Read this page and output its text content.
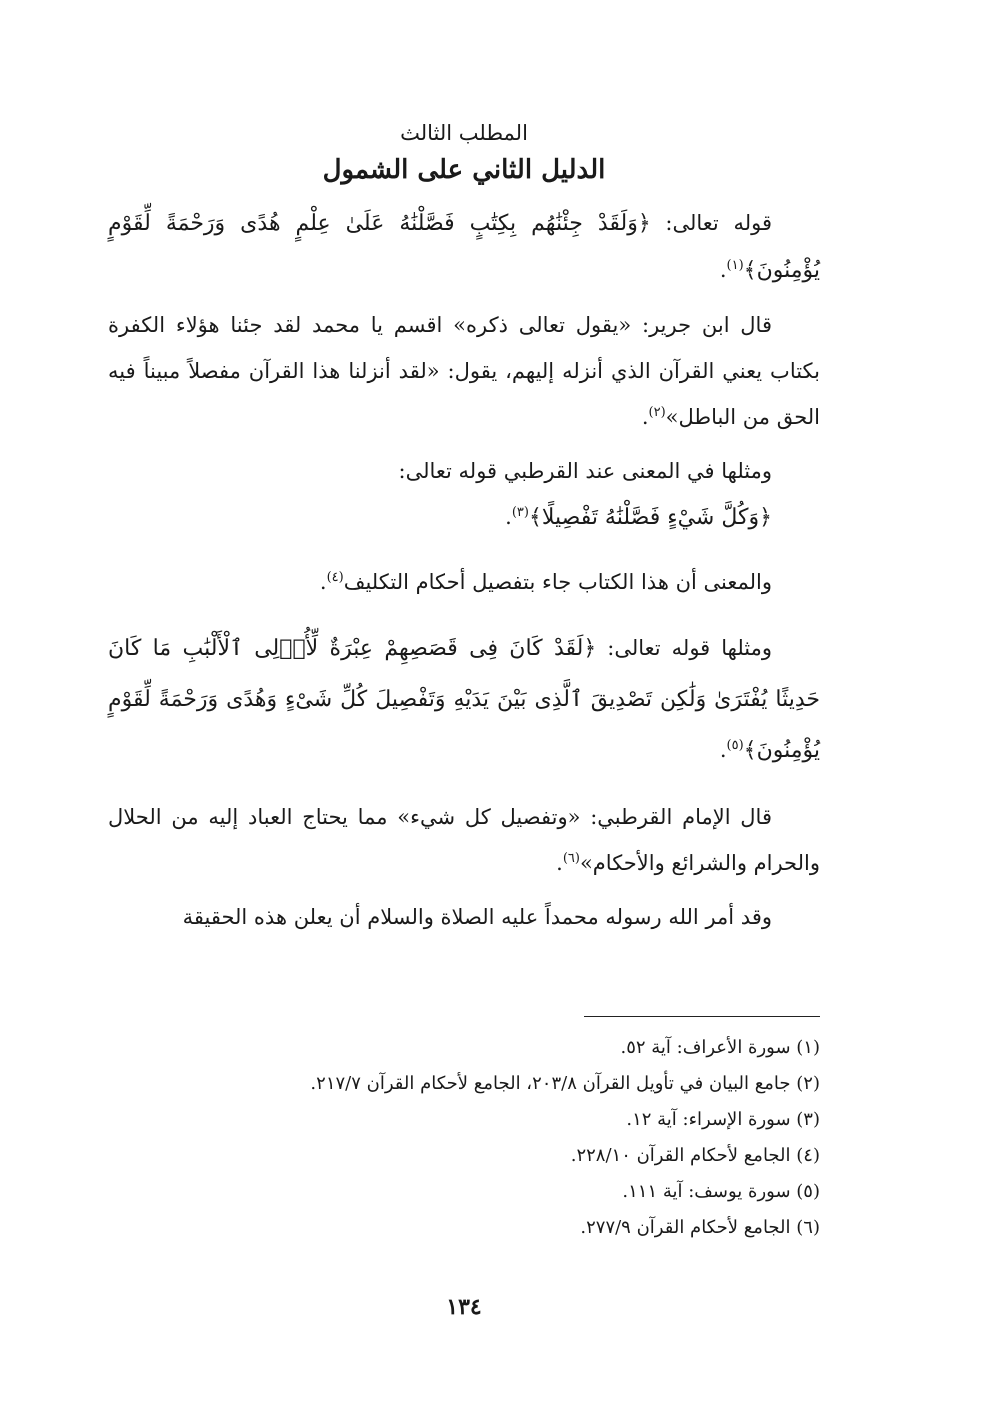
المطلب الثالث

الدليل الثاني على الشمول

قوله تعالى: ﴿وَلَقَدْ جِئْنَٰهُم بِكِتَٰبٍ فَصَّلْنَٰهُ عَلَىٰ عِلْمٍ هُدًى وَرَحْمَةً لِّقَوْمٍ يُؤْمِنُونَ﴾$^{(١)}$.

قال ابن جرير: «يقول تعالى ذكره» اقسم يا محمد لقد جئنا هؤلاء الكفرة بكتاب يعني القرآن الذي أنزله إليهم، يقول: «لقد أنزلنا هذا القرآن مفصلاً مبيناً فيه الحق من الباطل»$^{(٢)}$.

ومثلها في المعنى عند القرطبي قوله تعالى:
﴿وَكُلَّ شَيْءٍ فَصَّلْنَٰهُ تَفْصِيلًا﴾$^{(٣)}$.

والمعنى أن هذا الكتاب جاء بتفصيل أحكام التكليف$^{(٤)}$.

ومثلها قوله تعالى: ﴿لَقَدْ كَانَ فِى قَصَصِهِمْ عِبْرَةٌ لِّأُو۟لِى ٱلْأَلْبَٰبِ مَا كَانَ حَدِيثًا يُفْتَرَىٰ وَلَٰكِن تَصْدِيقَ ٱلَّذِى بَيْنَ يَدَيْهِ وَتَفْصِيلَ كُلِّ شَىْءٍ وَهُدًى وَرَحْمَةً لِّقَوْمٍ يُؤْمِنُونَ﴾$^{(٥)}$.

قال الإمام القرطبي: «وتفصيل كل شيء» مما يحتاج العباد إليه من الحلال والحرام والشرائع والأحكام»$^{(٦)}$.

وقد أمر الله رسوله محمداً عليه الصلاة والسلام أن يعلن هذه الحقيقة

(١) سورة الأعراف: آية ٥٢.
(٢) جامع البيان في تأويل القرآن ٢٠٣/٨، الجامع لأحكام القرآن ٢١٧/٧.
(٣) سورة الإسراء: آية ١٢.
(٤) الجامع لأحكام القرآن ٢٢٨/١٠.
(٥) سورة يوسف: آية ١١١.
(٦) الجامع لأحكام القرآن ٢٧٧/٩.
١٣٤
